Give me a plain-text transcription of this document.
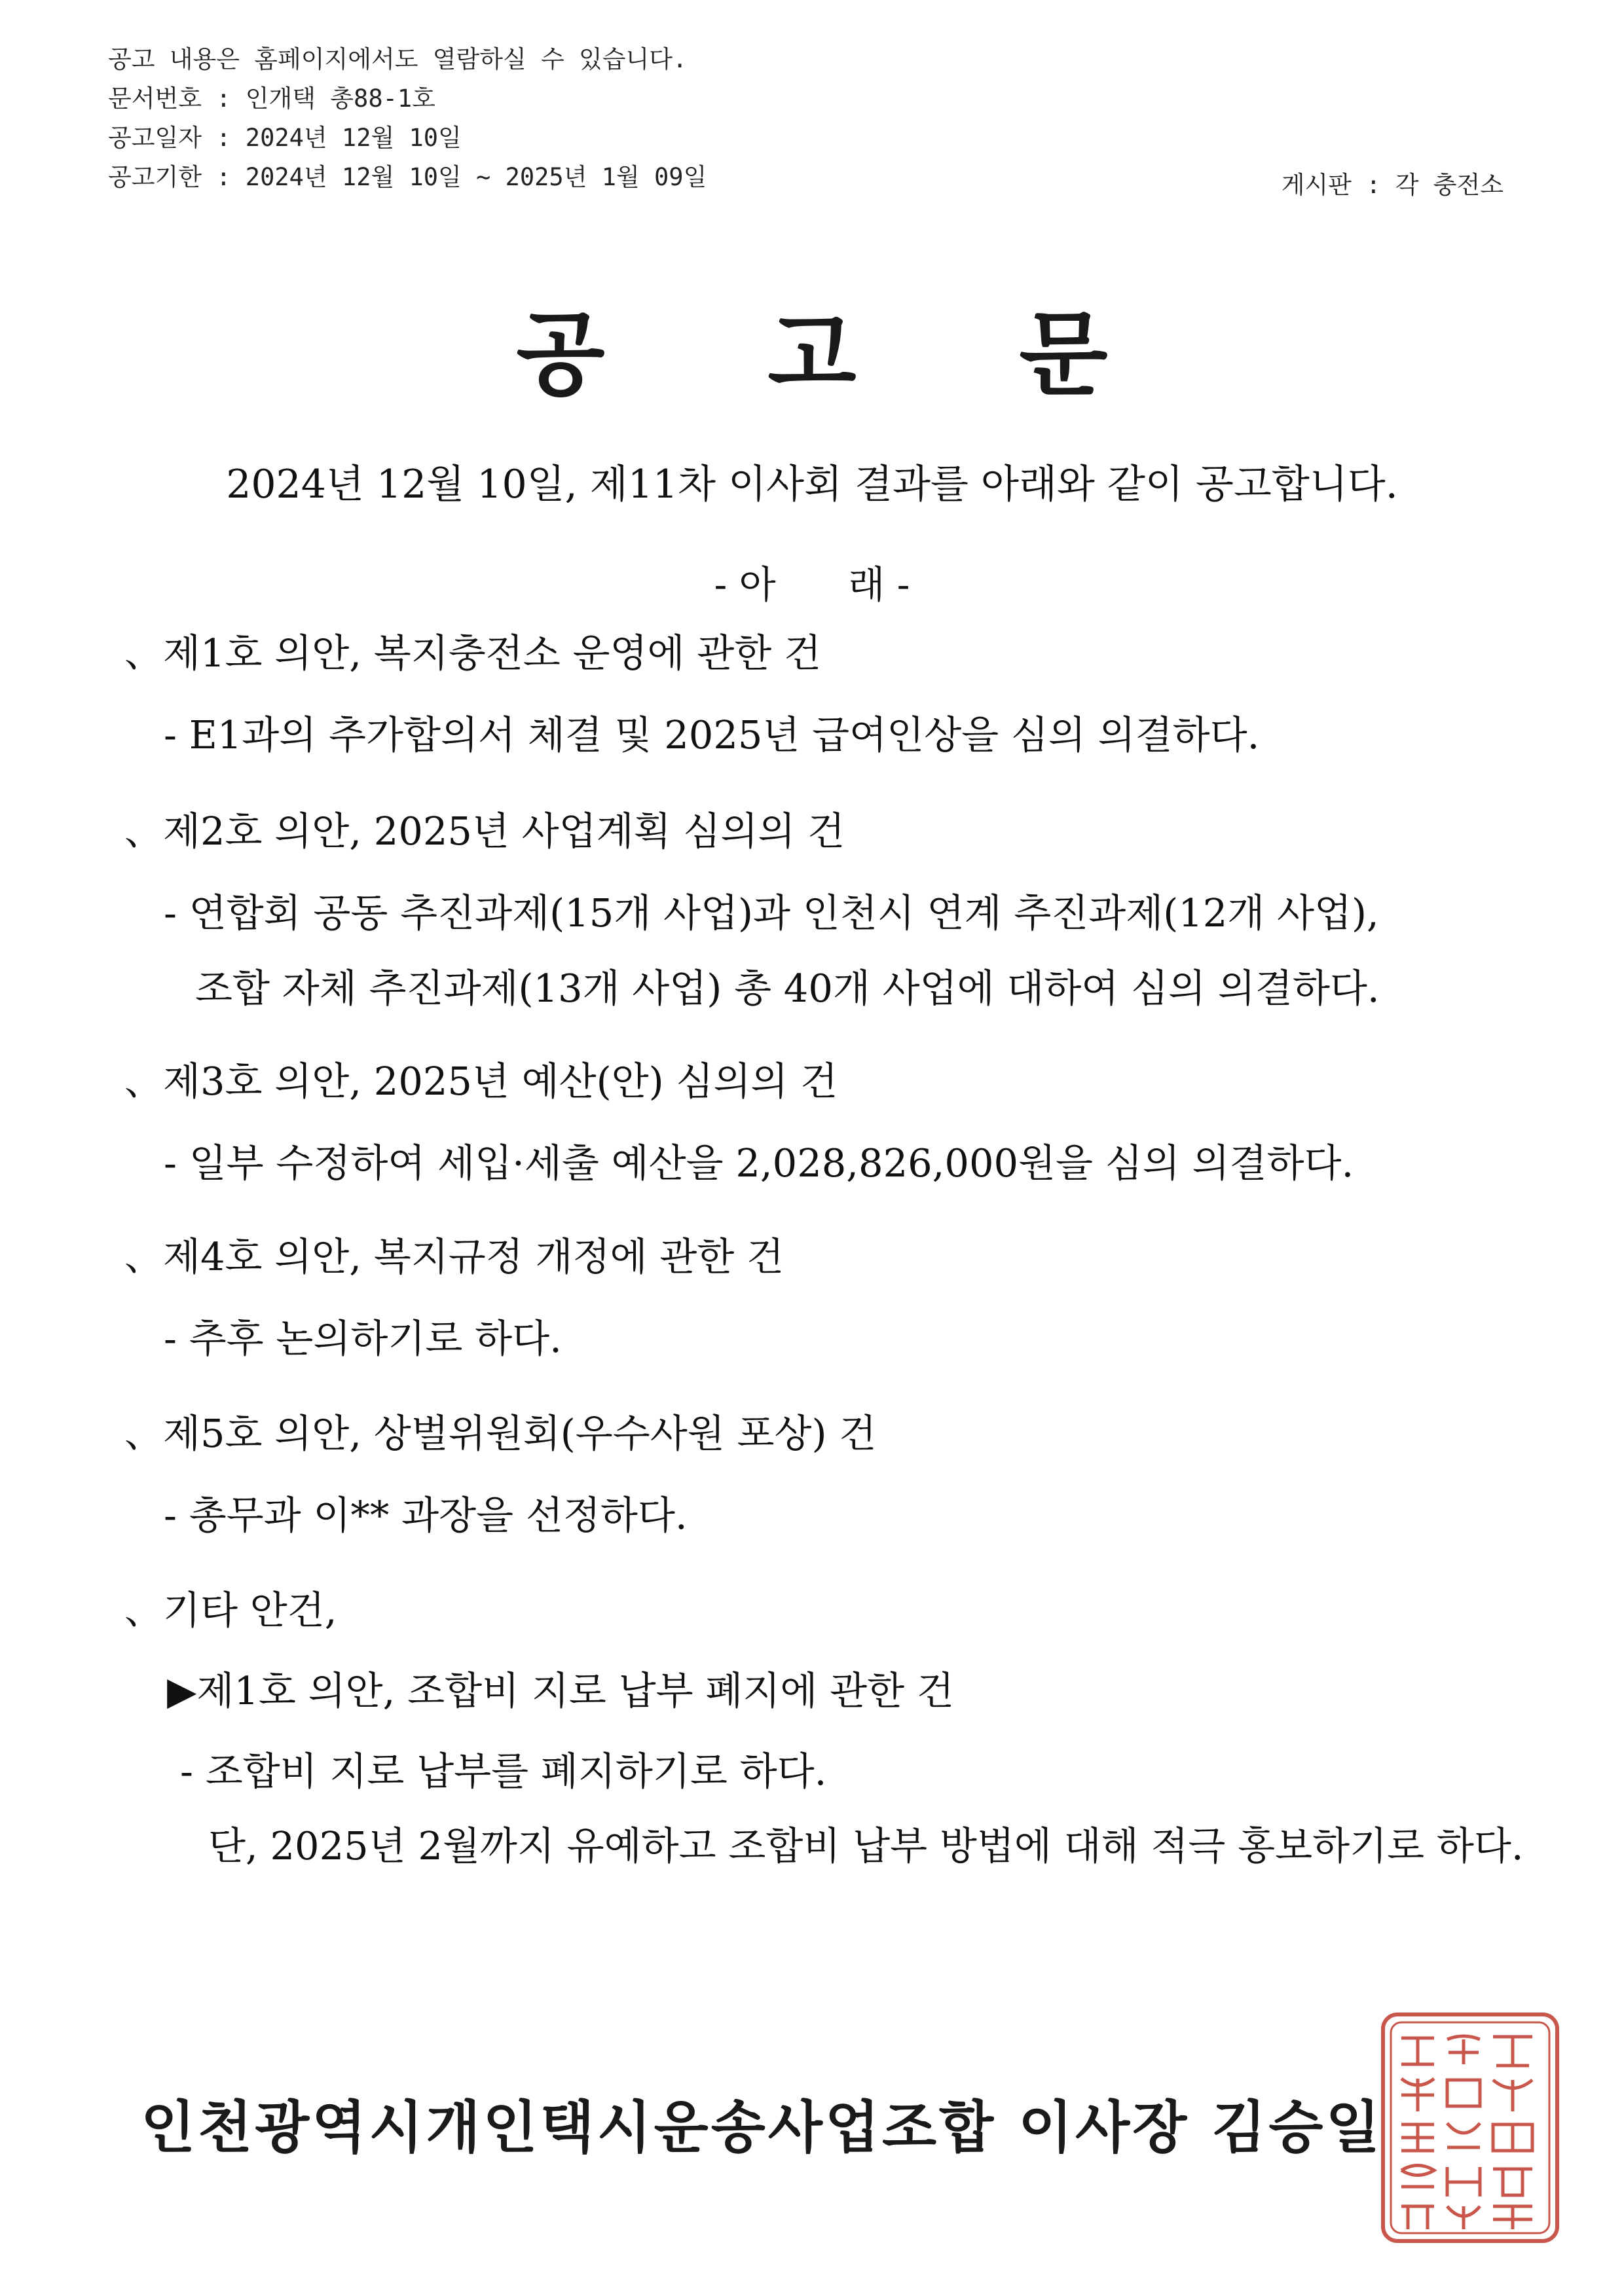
공고 내용은 홈페이지에서도 열람하실 수 있습니다.
문서번호 : 인개택 총88-1호
공고일자 : 2024년 12월 10일
공고기한 : 2024년 12월 10일 ~ 2025년 1월 09일	게시판 : 각 충전소
공 고 문
2024년 12월 10일, 제11차 이사회 결과를 아래와 같이 공고합니다.
- 아      래 -
、제1호 의안, 복지충전소 운영에 관한 건
- E1과의 추가합의서 체결 및 2025년 급여인상을 심의 의결하다.
、제2호 의안, 2025년 사업계획 심의의 건
- 연합회 공동 추진과제(15개 사업)과 인천시 연계 추진과제(12개 사업),
조합 자체 추진과제(13개 사업) 총 40개 사업에 대하여 심의 의결하다.
、제3호 의안, 2025년 예산(안) 심의의 건
- 일부 수정하여 세입·세출 예산을 2,028,826,000원을 심의 의결하다.
、제4호 의안, 복지규정 개정에 관한 건
- 추후 논의하기로 하다.
、제5호 의안, 상벌위원회(우수사원 포상) 건
- 총무과 이** 과장을 선정하다.
、기타 안건,
▶제1호 의안, 조합비 지로 납부 폐지에 관한 건
- 조합비 지로 납부를 폐지하기로 하다.
단, 2025년 2월까지 유예하고 조합비 납부 방법에 대해 적극 홍보하기로 하다.
인천광역시개인택시운송사업조합 이사장 김승일
